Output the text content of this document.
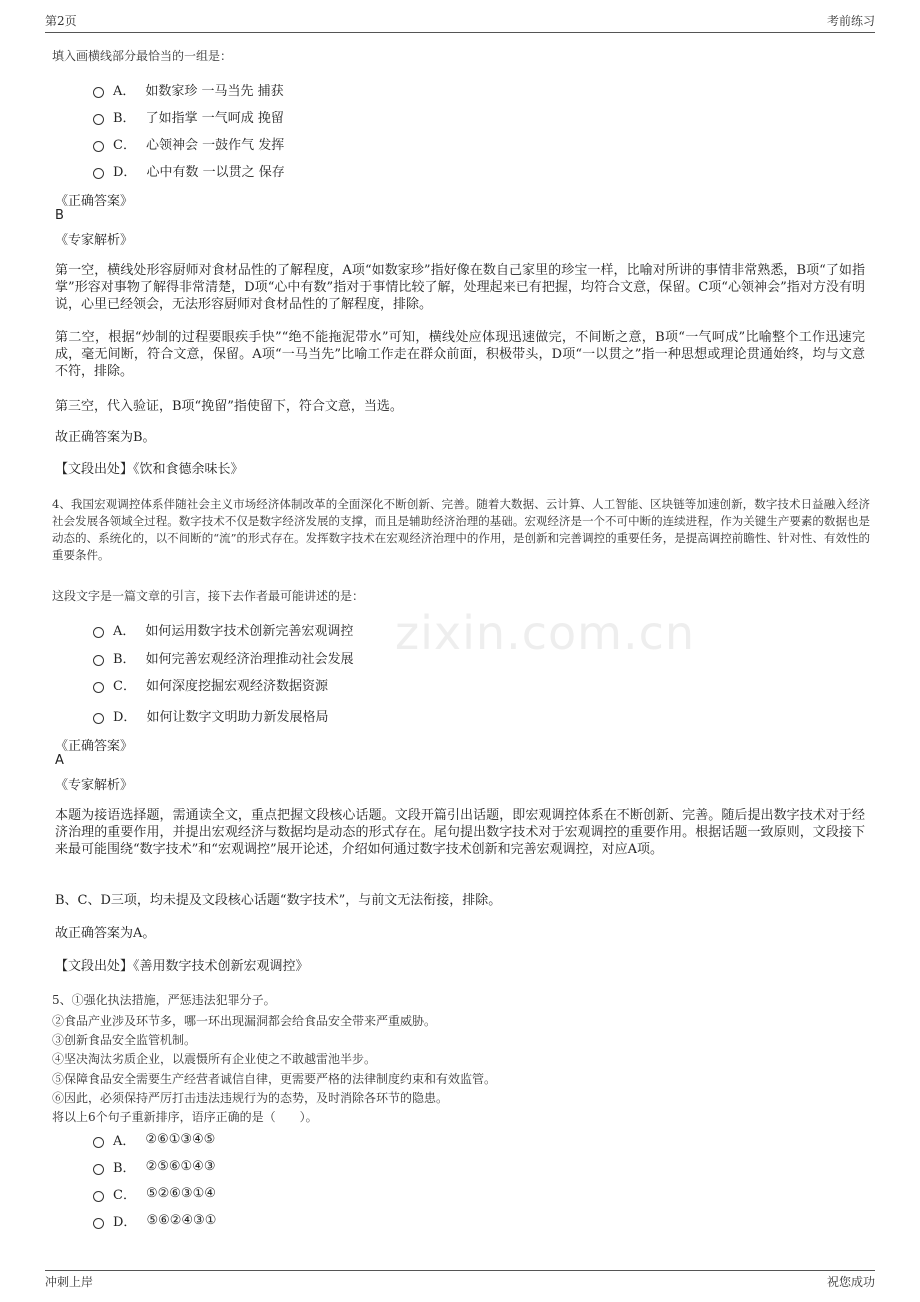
第2页	考前练习
zixin.com.cn
填入画横线部分最恰当的一组是：
A． 如数家珍 一马当先 捕获
B． 了如指掌 一气呵成 挽留
C． 心领神会 一鼓作气 发挥
D． 心中有数 一以贯之 保存
《正确答案》
B
《专家解析》

第一空，横线处形容厨师对食材品性的了解程度，A项“如数家珍”指好像在数自己家里的珍宝一样，比喻对所讲的事情非常熟悉，B项“了如指掌”形容对事物了解得非常清楚，D项“心中有数”指对于事情比较了解，处理起来已有把握，均符合文意，保留。C项“心领神会”指对方没有明说，心里已经领会，无法形容厨师对食材品性的了解程度，排除。

第二空，根据“炒制的过程要眼疾手快”“绝不能拖泥带水”可知，横线处应体现迅速做完，不间断之意，B项“一气呵成”比喻整个工作迅速完成，毫无间断，符合文意，保留。A项“一马当先”比喻工作走在群众前面，积极带头，D项“一以贯之”指一种思想或理论贯通始终，均与文意不符，排除。

第三空，代入验证，B项“挽留”指使留下，符合文意，当选。

故正确答案为B。

【文段出处】《饮和食德余味长》

4、我国宏观调控体系伴随社会主义市场经济体制改革的全面深化不断创新、完善。随着大数据、云计算、人工智能、区块链等加速创新，数字技术日益融入经济社会发展各领域全过程。数字技术不仅是数字经济发展的支撑，而且是辅助经济治理的基础。宏观经济是一个不可中断的连续进程，作为关键生产要素的数据也是动态的、系统化的，以不间断的“流”的形式存在。发挥数字技术在宏观经济治理中的作用，是创新和完善调控的重要任务，是提高调控前瞻性、针对性、有效性的重要条件。

这段文字是一篇文章的引言，接下去作者最可能讲述的是：
A． 如何运用数字技术创新完善宏观调控
B． 如何完善宏观经济治理推动社会发展
C． 如何深度挖掘宏观经济数据资源
D． 如何让数字文明助力新发展格局
《正确答案》
A
《专家解析》

本题为接语选择题，需通读全文，重点把握文段核心话题。文段开篇引出话题，即宏观调控体系在不断创新、完善。随后提出数字技术对于经济治理的重要作用，并提出宏观经济与数据均是动态的形式存在。尾句提出数字技术对于宏观调控的重要作用。根据话题一致原则，文段接下来最可能围绕“数字技术”和“宏观调控”展开论述，介绍如何通过数字技术创新和完善宏观调控，对应A项。

B、C、D三项，均未提及文段核心话题“数字技术”，与前文无法衔接，排除。

故正确答案为A。

【文段出处】《善用数字技术创新宏观调控》

5、①强化执法措施，严惩违法犯罪分子。
②食品产业涉及环节多，哪一环出现漏洞都会给食品安全带来严重威胁。
③创新食品安全监管机制。
④坚决淘汰劣质企业，以震慑所有企业使之不敢越雷池半步。
⑤保障食品安全需要生产经营者诚信自律，更需要严格的法律制度约束和有效监管。
⑥因此，必须保持严厉打击违法违规行为的态势，及时消除各环节的隐患。
将以上6个句子重新排序，语序正确的是（　　）。
A． ②⑥①③④⑤
B． ②⑤⑥①④③
C． ⑤②⑥③①④
D． ⑤⑥②④③①
冲刺上岸	祝您成功
